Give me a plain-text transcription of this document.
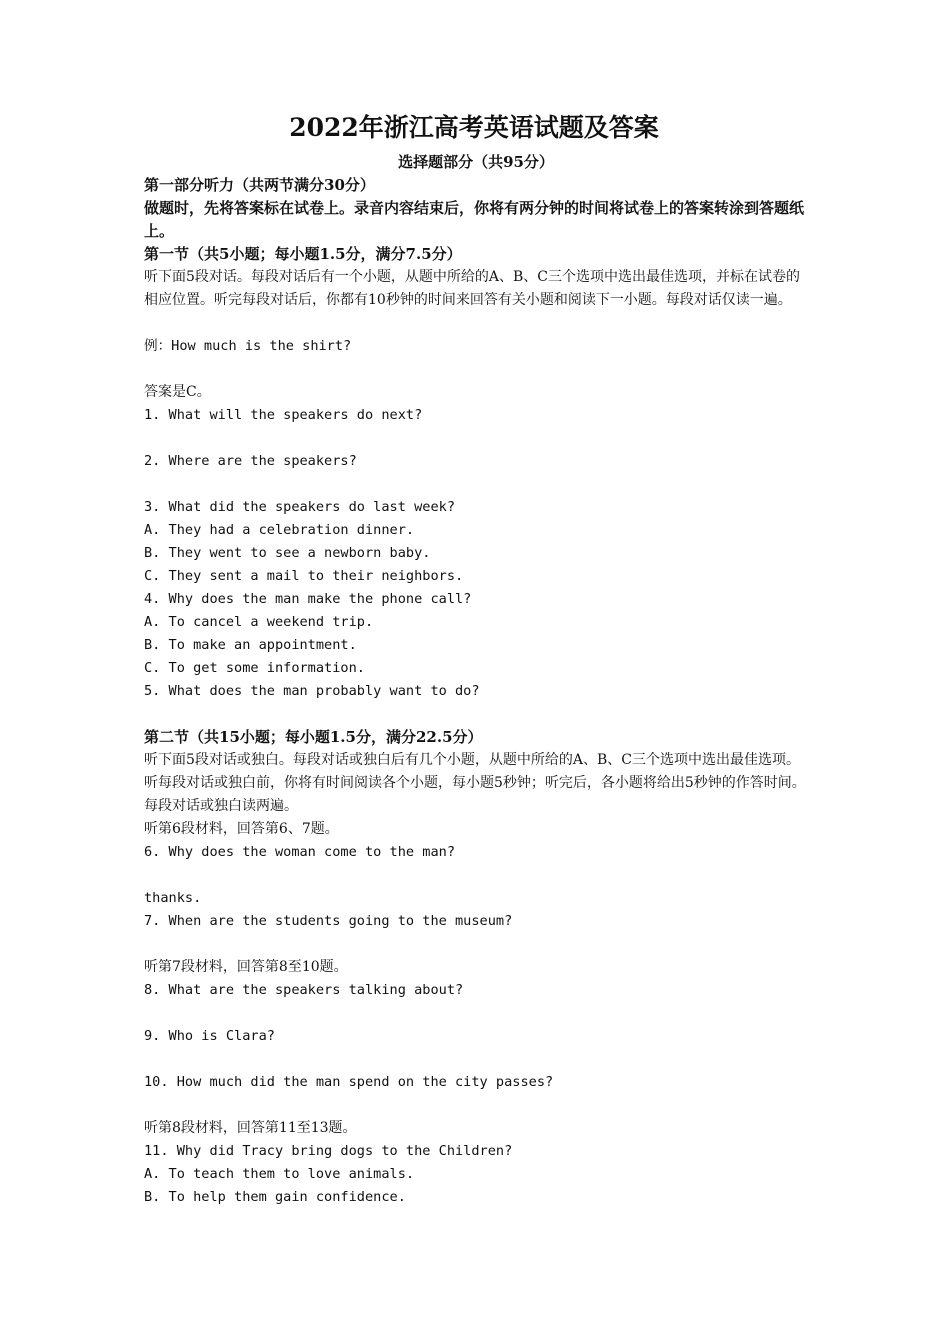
2022年浙江高考英语试题及答案
选择题部分（共95分）
第一部分听力（共两节满分30分）
做题时，先将答案标在试卷上。录音内容结束后，你将有两分钟的时间将试卷上的答案转涂到答题纸上。
第一节（共5小题；每小题1.5分，满分7.5分）
听下面5段对话。每段对话后有一个小题，从题中所给的A、B、C三个选项中选出最佳选项，并标在试卷的相应位置。听完每段对话后，你都有10秒钟的时间来回答有关小题和阅读下一小题。每段对话仅读一遍。
例：How much is the shirt?

答案是C。
1. What will the speakers do next?

2. Where are the speakers?

3. What did the speakers do last week?
A. They had a celebration dinner.
B. They went to see a newborn baby.
C. They sent a mail to their neighbors.
4. Why does the man make the phone call?
A. To cancel a weekend trip.
B. To make an appointment.
C. To get some information.
5. What does the man probably want to do?

第二节（共15小题；每小题1.5分，满分22.5分）
听下面5段对话或独白。每段对话或独白后有几个小题，从题中所给的A、B、C三个选项中选出最佳选项。听每段对话或独白前，你将有时间阅读各个小题，每小题5秒钟；听完后，各小题将给出5秒钟的作答时间。每段对话或独白读两遍。
听第6段材料，回答第6、7题。
6. Why does the woman come to the man?

thanks.
7. When are the students going to the museum?

听第7段材料，回答第8至10题。
8. What are the speakers talking about?

9. Who is Clara?

10. How much did the man spend on the city passes?

听第8段材料，回答第11至13题。
11. Why did Tracy bring dogs to the Children?
A. To teach them to love animals.
B. To help them gain confidence.
